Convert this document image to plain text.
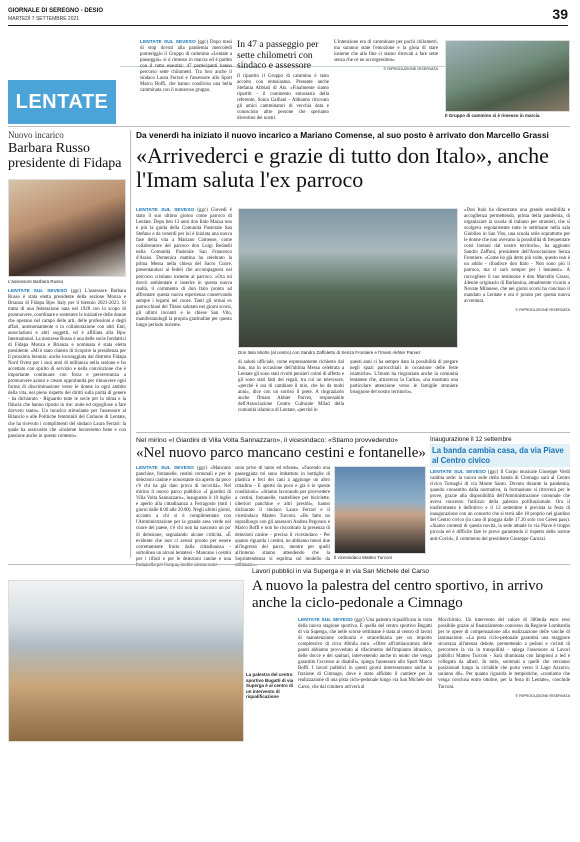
GIORNALE DI SEREGNO - DESIO
MARTEDÌ 7 SETTEMBRE 2021	39
LENTATE
LENTATE SUL SEVESO (ggc) Dopo mesi di stop dovuti alla pandemia mercoledì pomeriggio il Gruppo di cammino «Lentate a passeggio» si è rimesso in marcia ed è partito con il tutto esaurito: 47 partecipanti hanno percorso sette chilometri. Tra loro anche il sindaco Laura Ferrari e l'assessore allo Sport Marco Boffi, che hanno condiviso una bella camminata con il numeroso gruppo.
In 47 a passeggio per sette chilometri con sindaco e assessore
Il ripartito il Gruppo di cammino è stato accolto con entusiasmo. Presente anche Stefania Abbiati di Ats. «Finalmente siamo ripartiti - il commento entusiasta della referente, Sonia Galliani - Abbiamo ritrovato gli amici camminatori di vecchia data e conosciuto altre persone che speriamo diventino dei nostri.
L'intenzione era di camminare per pochi chilometri, ma saranno state l'emozione e la gioia di stare insieme che alla fine ci siamo ritrovati a fare sette senza che ce ne accorgessimo».
© RIPRODUZIONE RISERVATA
Il Gruppo di cammino si è rimesso in marcia
Nuovo incarico
Barbara Russo presidente di Fidapa
L'assessore Barbara Russo
LENTATE SUL SEVESO (ggc) L'assessore Barbara Russo è stata eletta presidente della sezione Monza e Brianza di Fidapa Bpw Italy per il biennio 2021-2023. Si tratta di una federazione nata nel 1928 con lo scopo di promuovere, coordinare e sostenere le iniziative delle donne che operano nel campo delle arti, delle professioni e degli affari, autonomamente o in collaborazione con altri Enti, associazioni e altri soggetti, ed è affiliata alla Bpw International. La monzese Russo è una delle socie fondatrici di Fidapa Monza e Brianza e nominata è stata eletta presidente. «Mi è stato chiesto di ricoprire la presidenza per il prossimo biennio: anche incoraggiata dal distretto Fidapa Nord Ovest per i suoi anni di militanza nella sezione e ho accettato con spirito di servizio e nella convinzione che è importante continuare con forza e perseveranza a promuovere azioni e creare opportunità per rimuovere ogni forma di discriminazione verso le donne in ogni ambito della vita, nel pieno rispetto dei diritti sulla parità di genere - ha dichiarato - Riguardo tutte le socie per la stima e la fiducia che hanno riposto in me: unite ed orgogliose a fare davvero tanto». Un incarico stimolante per l'assessore al Bilancio e alle Politiche femminili del Comune di Lentate, che ha ricevuto i complimenti del sindaco Laura Ferrari: la quale ha assicurato che «insieme lavoreremo bene e con passione anche in questo contesto».
Da venerdì ha iniziato il nuovo incarico a Mariano Comense, al suo posto è arrivato don Marcello Grassi
«Arrivederci e grazie di tutto don Italo», anche l'Imam saluta l'ex parroco
LENTATE SUL SEVESO (ggc) Giovedì è stato il suo ultimo giorno come parroco di Lentate. Dopo ben 13 anni don Italo Mazza non è più la guida della Comunità Pastorale San Stefano e da venerdì per lui è iniziata una nuova fase della vita a Mariano Comense, come collaboratore del parroco don Luigi Redaelli nella Comunità Pastorale San Francesco d'Assisi. Domenica mattina ha celebrato la prima Messa nella chiesa del Sacro Cuore, presentandosi ai fedeli che accompagnerà nel percorso cristiano insieme al parroco. «Ora mi dovrò ambientare e inserire in questa nuova realtà, il commento di don Italo pronto ad affrontare questa nuova esperienza conservando sempre i legami nel cuore. Tanti gli ormai ex parrocchiani del Titano salutato nei giorni scorsi, gli ultimi incontri e le chiese San Vito, manifestandogli la propria gratitudine per questo lungo periodo insieme.
Don Italo Miotto (al centro) con Sandro Zaffoletto di Senza Frontiere e l'Imam Akhter Parvez
di salutò ufficiale, come espressamente richiesto dal don, ma in occasione dell'ultima Messa celebrata a Lentate gli sono stati rivolti pensieri colmi di affetto e gli sono stati fatti dei regali, tra cui un televisore, «perché è ora di cambiare il mio, che ho da molti anni», dice con un sorriso il prete. A ringraziarlo anche l'Imam Akhter Parvez, responsabile dell'Associazione Centro Culturale Milad della comunità islamica di Lentate, «perché in
questi anni ci ha sempre dato la possibilità di pregare negli spazi parrocchiali in occasione delle feste islamiche». L'Imam ha ringraziato anche la comunità lentatese che, attraverso la Caritas, «ha mostrato una particolare attenzione verso le famiglie straniere bisognose del nostro territorio».
«Don Italo ha dimostrato una grande sensibilità e accoglienza permettendo, prima della pandemia, di organizzare la scuola di italiano per stranieri, che si svolgeva regolarmente tutte le settimane nella sala Giubileo in San Vito, una scuola utile soprattutto per le donne che non avevano la possibilità di frequentare corsi lontani dal nostro territorio», ha aggiunto Sandro Zaffoni, presidente dell'Associazione Senza Frontiere. «Come ho già detto più volte, questo non è un addio - ribadisce don Italo - Non sono più il parroco, ma ci sarò sempre per i lentatesi». A raccogliere il suo testimone è don Marcello Grassi, 44enne originario di Barlassina, attualmente vicario a Novate Milanese, che nei giorni scorsi ha concluso il mandato a Lentate e ora è pronto per questa nuova avventura.
© RIPRODUZIONE RISERVATA
Nel mirino «I Giardini di Villa Volta Sannazzaro», il vicesindaco: «Stiamo provvedendo»
«Nel nuovo parco mancano cestini e fontanelle»
LENTATE SUL SEVESO (ggc) «Mancano panchine, fontanelle, cestini comunali e per le deiezioni canine e nonostante sia aperto da poco c'è chi ha già dato prova di inciviltà». Nel mirino il nuovo parco pubblico «I giardini di Villa Volta Sannazzaro», inaugurato il 10 luglio e aperto alla cittadinanza a Ferragosto (tutti i giorni dalle 8.00 alle 20.00). Negli ultimi giorni, accanto a chi si è complimentato con l'Amministrazione per la grande area verde nel cuore del paese, c'è chi non ha nascosto un po' di delusione, segnalando alcune criticità. «È evidente che non ci avessi pronto per essere correttamente fruito dalla cittadinanza - sottolinea un alcuni lentatesi - Mancano i cestini per i rifiuti e per le deiezioni canine e una fontanella per l'acqua, inoltre alcune zone
sono prive di tanto ed erbose». «Facendo una passeggiata mi sono imbattuto in bottiglie di plastica e feci dei cani a aggiunge un altro cittadino - E aperto da poco e già è in queste condizioni». «Stiamo lavorando per provvedere a cestini, fontanelle, rastrelliere per biciclette, ulteriori panchine e altri presidi», hanno dichiarato il sindaco Laura Ferrari e il vicesindaco Matteo Turconi. «Ho fatto un sopralluogo con gli assessori Andrea Pegoraro e Marco Boffi e non ho riscontrato la presenza di deiezioni canine - precisa il vicesindaco - Per quanto riguarda i cestini, ne abbiamo messi due all'ingresso del parco, mentre per quelli all'interno stiamo attendendo che la Soprintendenza si esprima sul modello da utilizzare».
Il vicesindaco Matteo Turconi
Inaugurazione il 12 settembre
La banda cambia casa, da via Piave al Centro civico
LENTATE SUL SEVESO (ggc) Il Corpo musicale Giuseppe Verdi cambia sede: la nuova sede della banda di Cimnago sarà al Centro civico Tornaghi di via Monte Santo. Dovuto durante la pandemia, quando consentito dalla normativa, la formazione si ritroverà per le prove, grazie alla disponibilità dell'Amministrazione comunale che aveva concesso l'utilizzo della palestra polifunzionale. Ora il trasferimento è definitivo e il 12 settembre è prevista la festa di inaugurazione con un concerto che si terrà alle 18 proprio nel giardino del Centro civico (in caso di pioggia dalle 17.30 solo con Green pass). «Siamo contenti di questa novità, la sede attuale in via Piave è troppo piccola ed è difficile fare le prove garantendo il rispetto delle norme anti-Covid», il commento del presidente Giuseppe Carozzi.
Lavori pubblici in via Superga e in via San Michele del Carso
A nuovo la palestra del centro sportivo, in arrivo anche la ciclo-pedonale a Cimnago
La palestra del centro sportivo Bugatti di via Superga è al centro di un intervento di riqualificazione
LENTATE SUL SEVESO (ggc) Una palestra riqualificata in vista della nuova stagione sportiva. È quella del centro sportivo Bugatti di via Superga, che nelle scorse settimane è stata al centro di lavori di manutenzione ordinaria e straordinaria per un importo complessivo di circa 40mila euro. «Oltre all'imbiancatura delle pareti abbiamo provveduto al rifacimento dell'impianto idraulico, delle docce e dei sanitari, intervenendo anche in modo che venga garantito l'accesso ai disabili», spiega l'assessore allo Sport Marco Boffi. I lavori pubblici in questi giorni interesseranno anche la frazione di Cimnago, dove è stato affidato il cantiere per la realizzazione di una pista ciclo-pedonale lungo via San Michele del Carso, che dal cimitero arriverà al
Mocchirolo. Un intervento del valore di 300mila euro reso possibile grazie al finanziamento concesso da Regione Lombardia per le opere di compensazione alla realizzazione delle vasche di laminazione. «La pista ciclo-pedonale garantirà una maggiore sicurezza all'utenza debole, permettendo a pedoni e ciclisti di percorrere la via in tranquillità - spiega l'assessore ai Lavori pubblici Matteo Turconi - Sarà illuminata con lampioni a led e collegata da alberi. In tutto, sommati a quelli che verranno posizionati lungo la ciclabile che porta verso il Lago Azzurro, saranno 46». Per quanto riguarda le tempistiche, «contiamo che venga conclusa entro ottobre, per la festa di Lentate», conclude Turconi.
© RIPRODUZIONE RISERVATA
